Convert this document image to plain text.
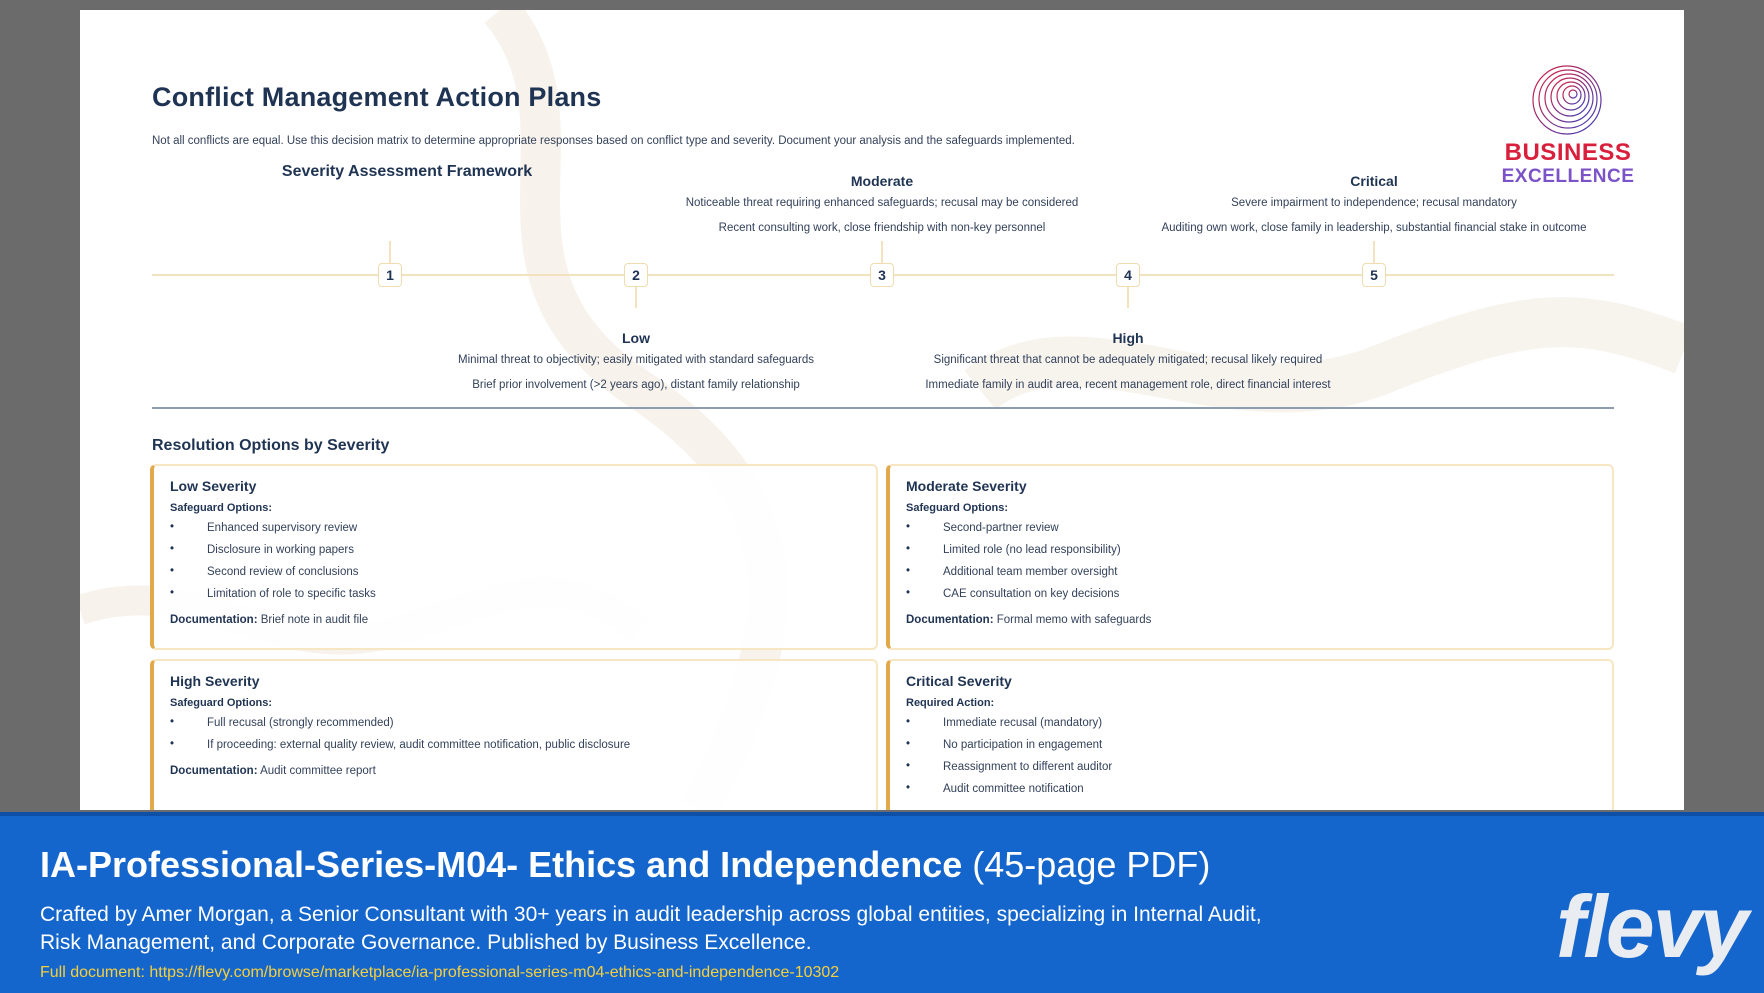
Conflict Management Action Plans
Not all conflicts are equal. Use this decision matrix to determine appropriate responses based on conflict type and severity. Document your analysis and the safeguards implemented.	BUSINESS
EXCELLENCE
Severity Assessment Framework
1	2	3	4	5
Moderate
Noticeable threat requiring enhanced safeguards; recusal may be considered
Recent consulting work, close friendship with non-key personnel
Critical
Severe impairment to independence; recusal mandatory
Auditing own work, close family in leadership, substantial financial stake in outcome
Low
Minimal threat to objectivity; easily mitigated with standard safeguards
Brief prior involvement (>2 years ago), distant family relationship
High
Significant threat that cannot be adequately mitigated; recusal likely required
Immediate family in audit area, recent management role, direct financial interest
Resolution Options by Severity
Low Severity
Safeguard Options:
• Enhanced supervisory review
• Disclosure in working papers
• Second review of conclusions
• Limitation of role to specific tasks
Documentation: Brief note in audit file
Moderate Severity
Safeguard Options:
• Second-partner review
• Limited role (no lead responsibility)
• Additional team member oversight
• CAE consultation on key decisions
Documentation: Formal memo with safeguards
High Severity
Safeguard Options:
• Full recusal (strongly recommended)
• If proceeding: external quality review, audit committee notification, public disclosure
Documentation: Audit committee report
Critical Severity
Required Action:
• Immediate recusal (mandatory)
• No participation in engagement
• Reassignment to different auditor
• Audit committee notification
IA-Professional-Series-M04- Ethics and Independence (45-page PDF)
Crafted by Amer Morgan, a Senior Consultant with 30+ years in audit leadership across global entities, specializing in Internal Audit, Risk Management, and Corporate Governance. Published by Business Excellence.
Full document: https://flevy.com/browse/marketplace/ia-professional-series-m04-ethics-and-independence-10302	flevy
